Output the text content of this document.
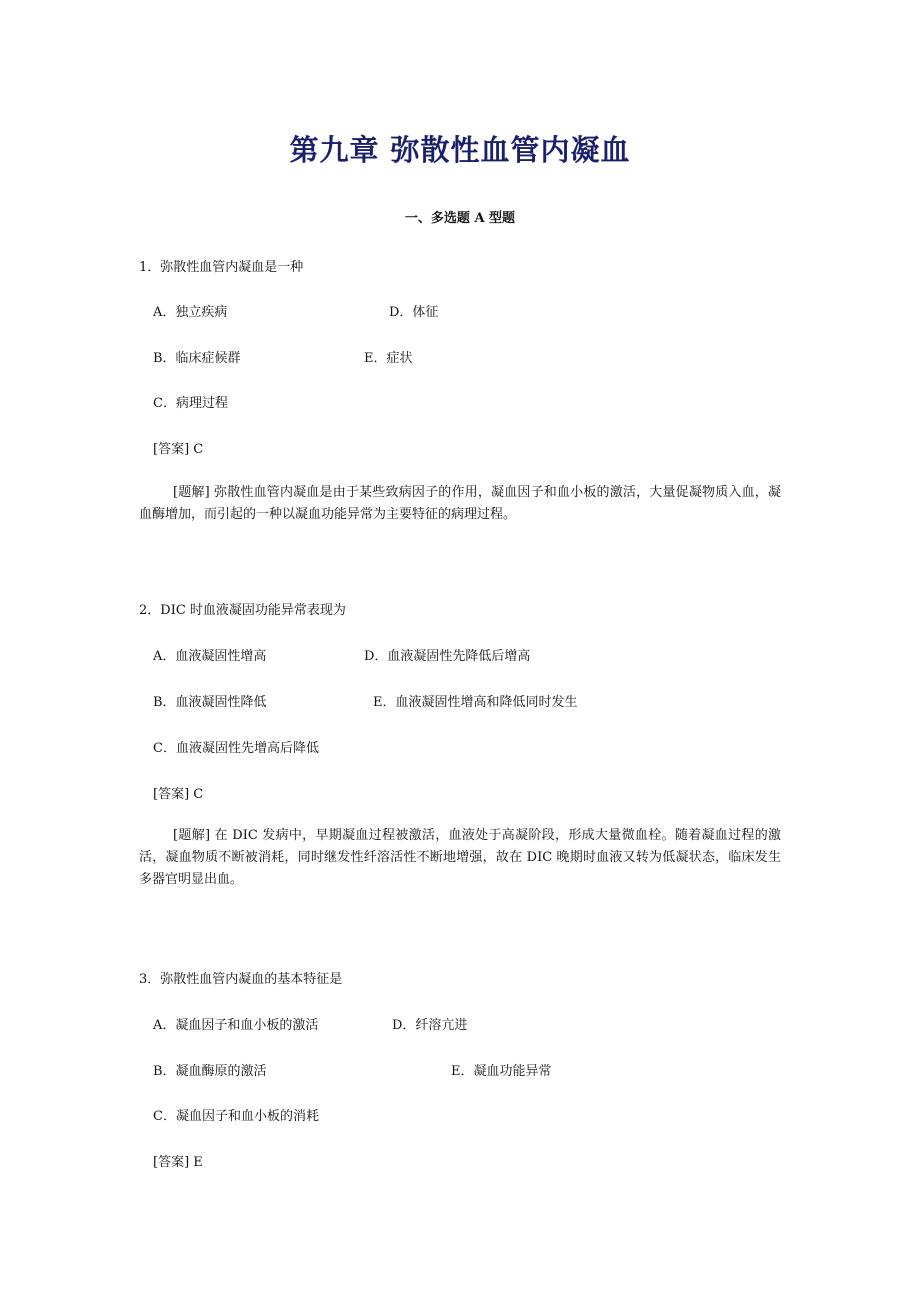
第九章 弥散性血管内凝血
一、多选题 A 型题
1．弥散性血管内凝血是一种
A．独立疾病	D．体征
B．临床症候群	E．症状
C．病理过程
[答案] C
[题解] 弥散性血管内凝血是由于某些致病因子的作用，凝血因子和血小板的激活，大量促凝物质入血，凝血酶增加，而引起的一种以凝血功能异常为主要特征的病理过程。
2．DIC 时血液凝固功能异常表现为
A．血液凝固性增高	D．血液凝固性先降低后增高
B．血液凝固性降低	E．血液凝固性增高和降低同时发生
C．血液凝固性先增高后降低
[答案] C
[题解] 在 DIC 发病中，早期凝血过程被激活，血液处于高凝阶段，形成大量微血栓。随着凝血过程的激活，凝血物质不断被消耗，同时继发性纤溶活性不断地增强，故在 DIC 晚期时血液又转为低凝状态，临床发生多器官明显出血。
3．弥散性血管内凝血的基本特征是
A．凝血因子和血小板的激活	D．纤溶亢进
B．凝血酶原的激活	E．凝血功能异常
C．凝血因子和血小板的消耗
[答案] E
